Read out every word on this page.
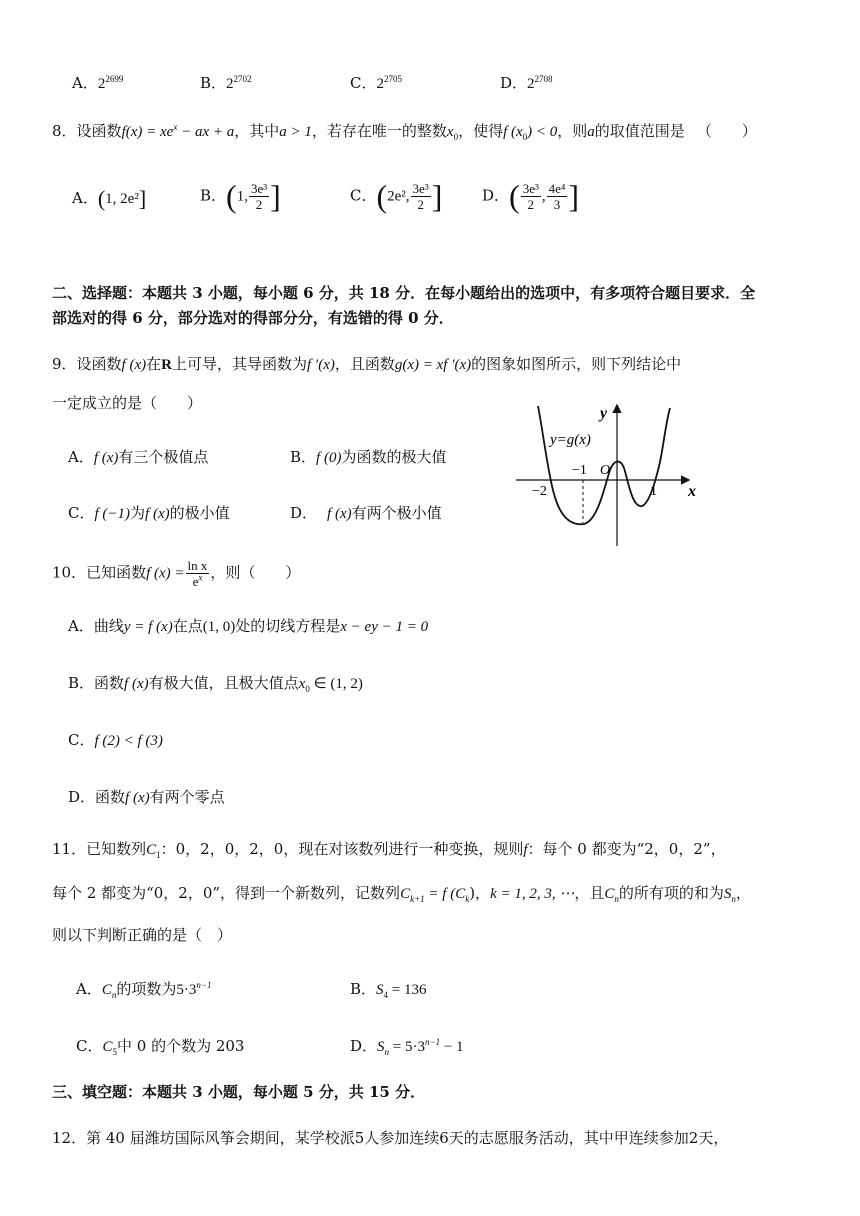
A．$2^{2699}$	B．$2^{2702}$	C．$2^{2705}$	D．$2^{2708}$
8．设函数$f(x) = xe^x$ − ax + a，其中a > 1，若存在唯一的整数$x_0$，使得f $(x_0) < 0$，则a的取值范围是 （　　）
A．(1, 2e²]	B．(1, $\frac{\text{3e³}}{2}$ ]	C．(2e², $\frac{\text{3e³}}{2}$ ]	D．( $\frac{\text{3e³}}{2}$ , $\frac{\text{4e⁴}}{3}$ ]
二、选择题：本题共 3 小题，每小题 6 分，共 18 分．在每小题给出的选项中，有多项符合题目要求．全
部选对的得 6 分，部分选对的得部分分，有选错的得 0 分．
9．设函数f (x)在R上可导，其导函数为f ′(x)，且函数g(x) = xf ′(x)的图象如图所示，则下列结论中
一定成立的是（　　）
A．f (x)有三个极值点	B．f (0)为函数的极大值
C．f (−1)为f (x)的极小值	D． f (x)有两个极小值
y=g(x)
y
x
O
−2
−1
1
10．已知函数f $(x) = \frac{\text{ln x}}{e^x}$ ，则（　　）
A．曲线y = f (x)在点(1, 0)处的切线方程是x − ey − 1 = 0
B．函数f (x)有极大值，且极大值点$x_0$ ∈ (1, 2)
C．f (2) < f (3)
D．函数f (x)有两个零点
11．已知数列$C_1$：0，2，0，2，0，现在对该数列进行一种变换，规则f：每个 0 都变为“2，0，2”，
每个 2 都变为“0，2，0”，得到一个新数列，记数列$C_{k+1} = f$ $(C_k)$，k = 1, 2, 3, ⋯，且$C_n$的所有项的和为$S_n$，
则以下判断正确的是（　）
A．$C_n$的项数为$5\cdot 3^{n-1}$	B．$S_4 = 136$
C．$C_5$中 0 的个数为 203	D．$S_n = 5\cdot 3^{n-1} - 1$
三、填空题：本题共 3 小题，每小题 5 分，共 15 分．
12．第 40 届潍坊国际风筝会期间，某学校派5人参加连续6天的志愿服务活动，其中甲连续参加2天，
